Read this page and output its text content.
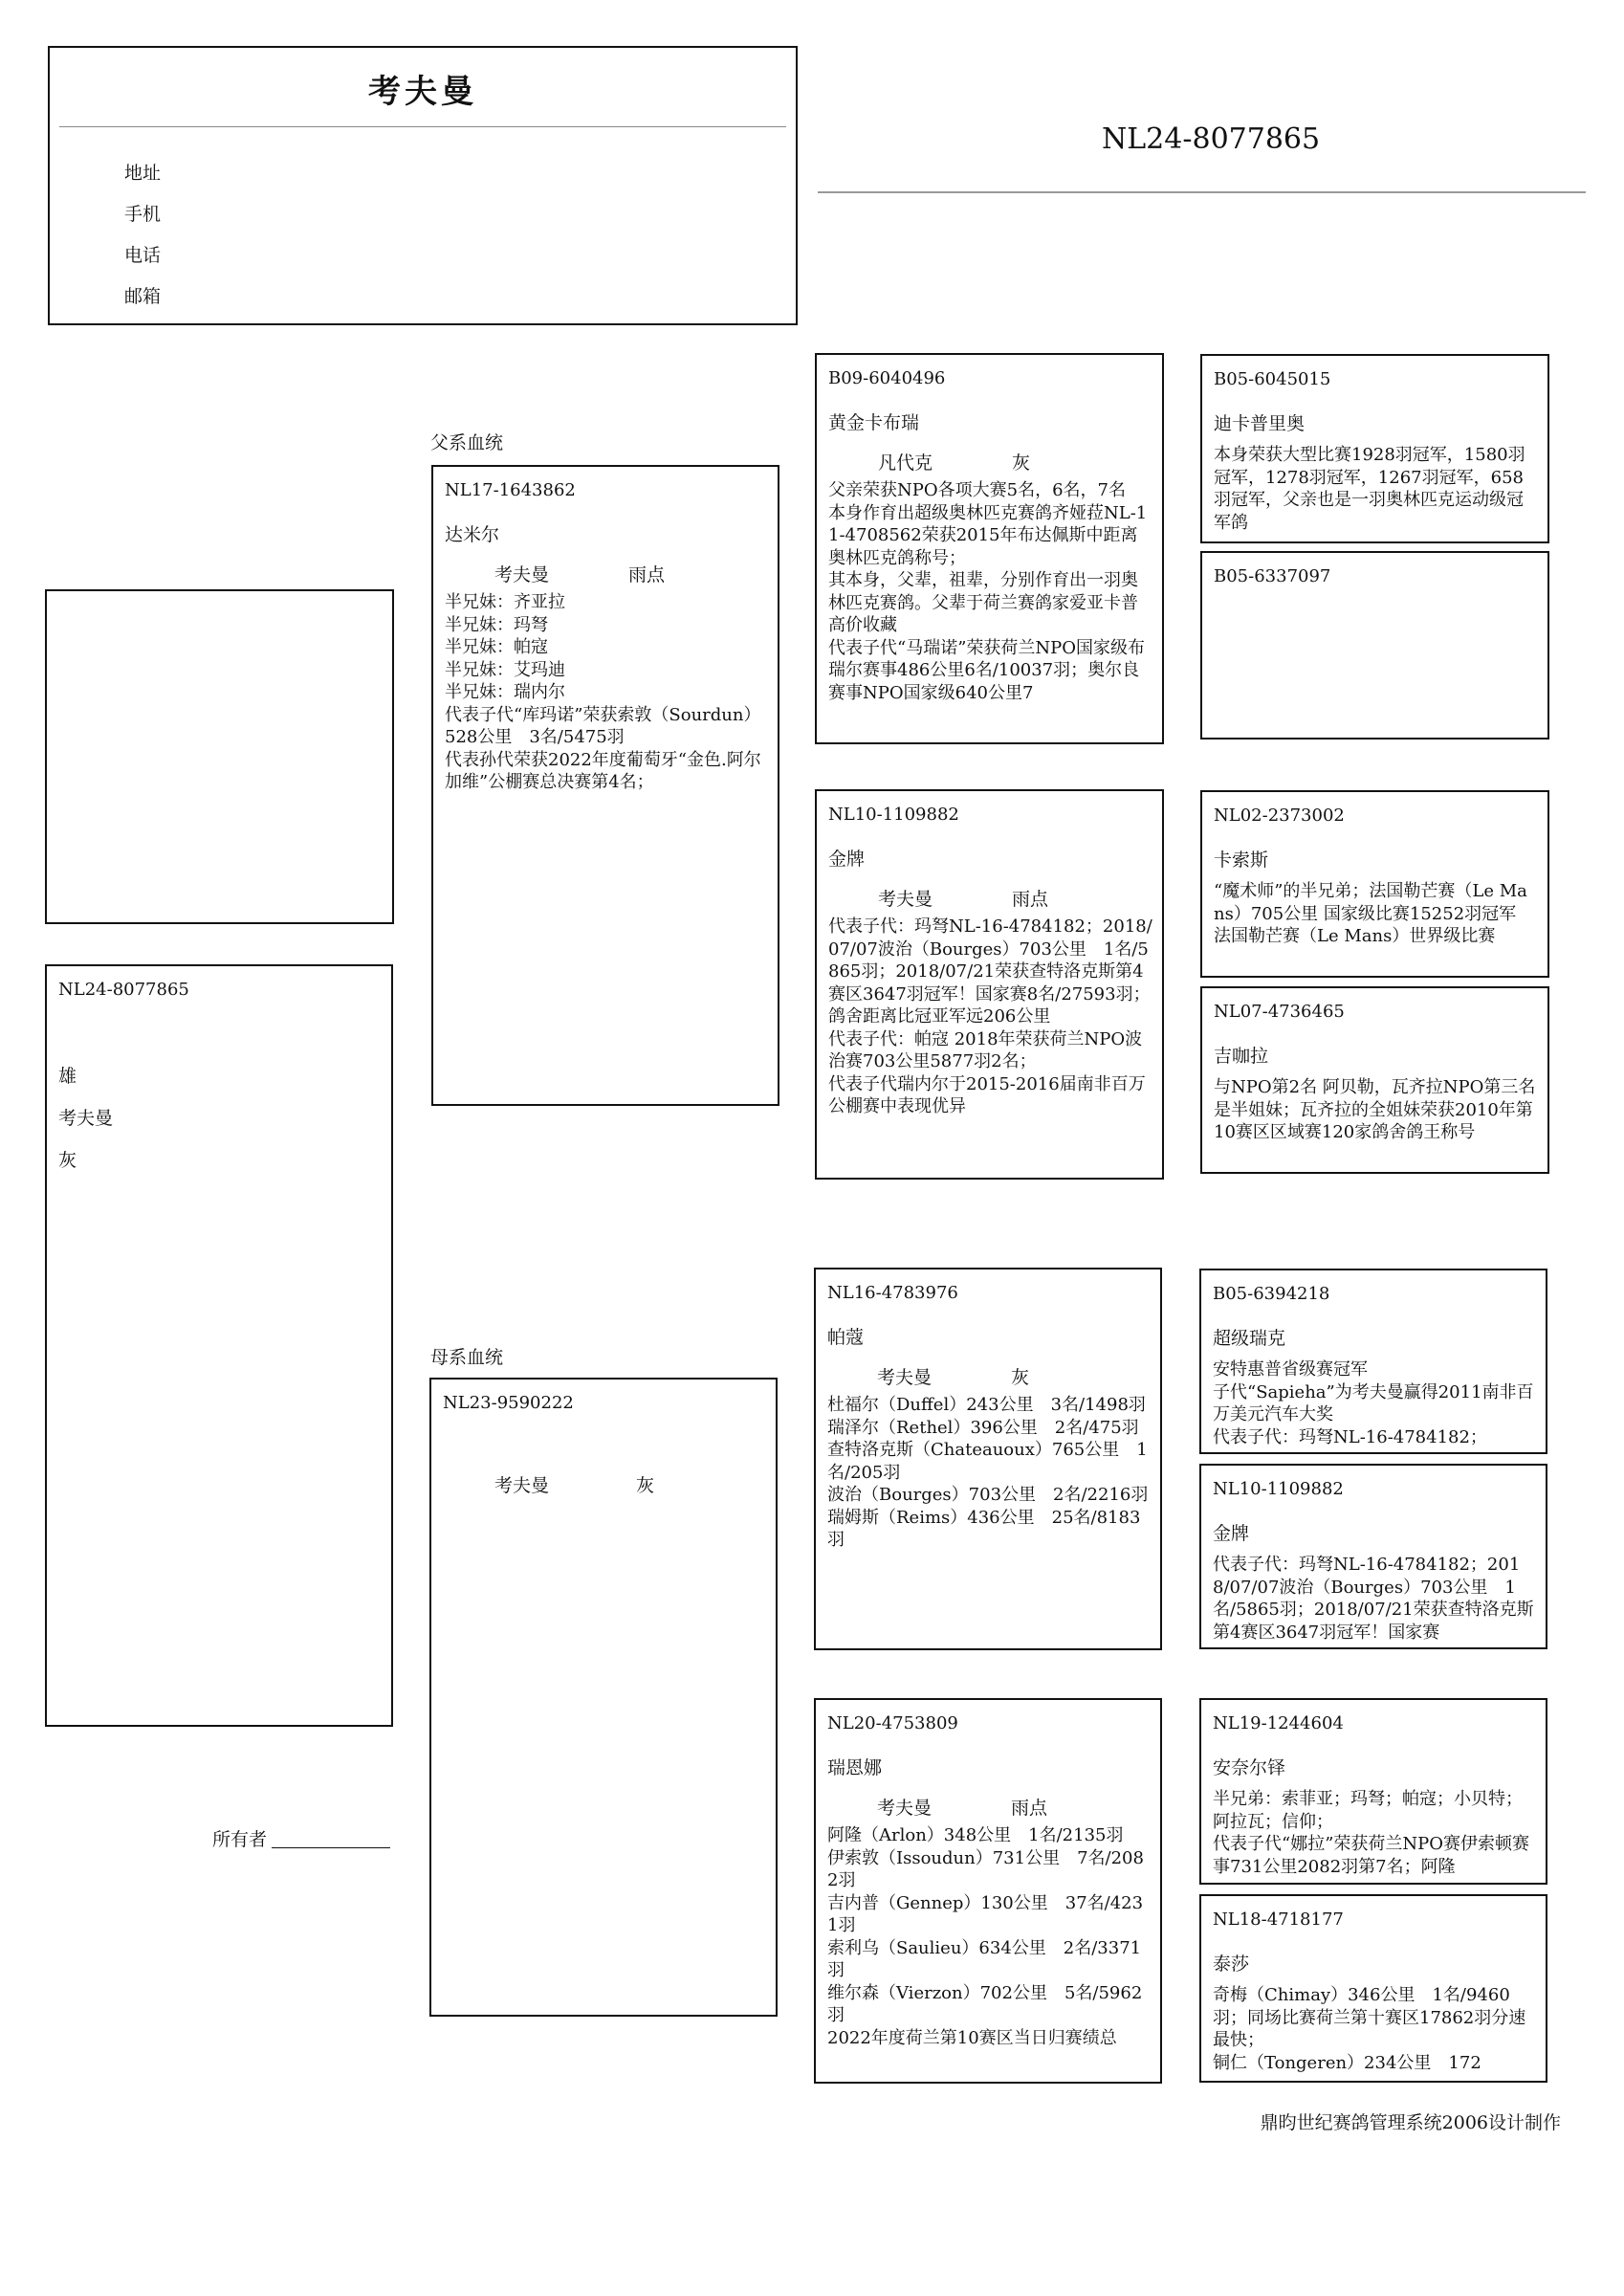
考夫曼
地址
手机
电话
邮箱
NL24-8077865
NL24-8077865
雄
考夫曼
灰
父系血统
母系血统
NL17-1643862
达米尔
考夫曼	雨点
半兄妹：齐亚拉
半兄妹：玛弩
半兄妹：帕寇
半兄妹：艾玛迪
半兄妹：瑞内尔
代表子代“库玛诺”荣获索敦（Sourdun）528公里　3名/5475羽
代表孙代荣获2022年度葡萄牙“金色.阿尔加维”公棚赛总决赛第4名；
NL23-9590222
考夫曼	灰
B09-6040496
黄金卡布瑞
凡代克	灰
父亲荣获NPO各项大赛5名，6名，7名
本身作育出超级奥林匹克赛鸽齐娅菈NL-11-4708562荣获2015年布达佩斯中距离奥林匹克鸽称号；
其本身，父辈，祖辈，分别作育出一羽奥林匹克赛鸽。父辈于荷兰赛鸽家爱亚卡普高价收藏
代表子代“马瑞诺”荣获荷兰NPO国家级布瑞尔赛事486公里6名/10037羽；奥尔良赛事NPO国家级640公里7
NL10-1109882
金牌
考夫曼	雨点
代表子代：玛弩NL-16-4784182；2018/07/07波治（Bourges）703公里　1名/5865羽；2018/07/21荣获查特洛克斯第4赛区3647羽冠军！国家赛8名/27593羽；鸽舍距离比冠亚军远206公里
代表子代：帕寇 2018年荣获荷兰NPO波治赛703公里5877羽2名；
代表子代瑞内尔于2015-2016届南非百万公棚赛中表现优异
NL16-4783976
帕蔻
考夫曼	灰
杜福尔（Duffel）243公里　3名/1498羽
瑞泽尔（Rethel）396公里　2名/475羽
查特洛克斯（Chateauoux）765公里　1名/205羽
波治（Bourges）703公里　2名/2216羽
瑞姆斯（Reims）436公里　25名/8183羽
NL20-4753809
瑞恩娜
考夫曼	雨点
阿隆（Arlon）348公里　1名/2135羽
伊索敦（Issoudun）731公里　7名/2082羽
吉内普（Gennep）130公里　37名/4231羽
索利乌（Saulieu）634公里　2名/3371羽
维尔森（Vierzon）702公里　5名/5962羽
2022年度荷兰第10赛区当日归赛绩总
B05-6045015
迪卡普里奥
本身荣获大型比赛1928羽冠军，1580羽冠军，1278羽冠军，1267羽冠军，658羽冠军，父亲也是一羽奥林匹克运动级冠军鸽
B05-6337097
NL02-2373002
卡索斯
“魔术师”的半兄弟；法国勒芒赛（Le Mans）705公里 国家级比赛15252羽冠军
法国勒芒赛（Le Mans）世界级比赛
NL07-4736465
吉咖拉
与NPO第2名 阿贝勒，瓦齐拉NPO第三名是半姐妹；瓦齐拉的全姐妹荣获2010年第10赛区区域赛120家鸽舍鸽王称号
B05-6394218
超级瑞克
安特惠普省级赛冠军
子代“Sapieha”为考夫曼赢得2011南非百万美元汽车大奖
代表子代：玛弩NL-16-4784182；
NL10-1109882
金牌
代表子代：玛弩NL-16-4784182；2018/07/07波治（Bourges）703公里　1名/5865羽；2018/07/21荣获查特洛克斯第4赛区3647羽冠军！国家赛
NL19-1244604
安奈尔铎
半兄弟：索菲亚；玛弩；帕寇；小贝特；阿拉瓦；信仰；
代表子代“娜拉”荣获荷兰NPO赛伊索顿赛事731公里2082羽第7名；阿隆
NL18-4718177
泰莎
奇梅（Chimay）346公里　1名/9460羽；同场比赛荷兰第十赛区17862羽分速最快；
铜仁（Tongeren）234公里　172
所有者
鼎昀世纪赛鸽管理系统2006设计制作
